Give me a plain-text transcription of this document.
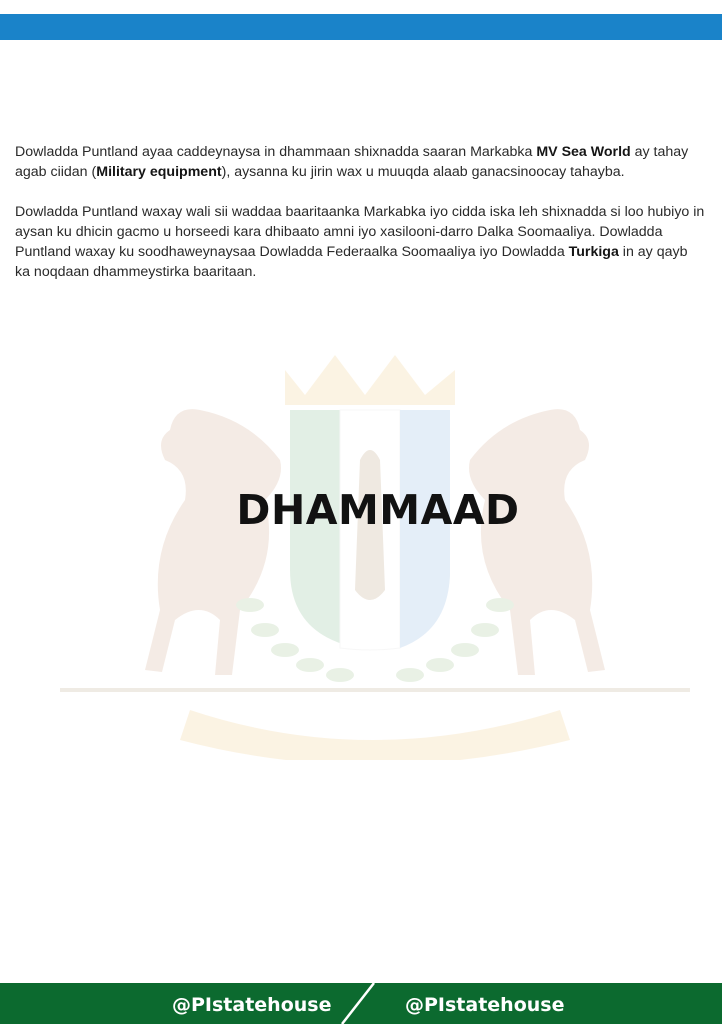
Dowladda Puntland ayaa caddeynaysa in dhammaan shixnadda saaran Markabka MV Sea World ay tahay agab ciidan (Military equipment), aysanna ku jirin wax u muuqda alaab ganacsinoocay tahayba.

Dowladda Puntland waxay wali sii waddaa baaritaanka Markabka iyo cidda iska leh shixnadda si loo hubiyo in aysan ku dhicin gacmo u horseedi kara dhibaato amni iyo xasilooni-darro Dalka Soomaaliya. Dowladda Puntland waxay ku soodhaweynaysaa Dowladda Federaalka Soomaaliya iyo Dowladda Turkiga in ay qayb ka noqdaan dhammeystirka baaritaan.

DHAMMAAD
@PIstatehouse	@PIstatehouse
